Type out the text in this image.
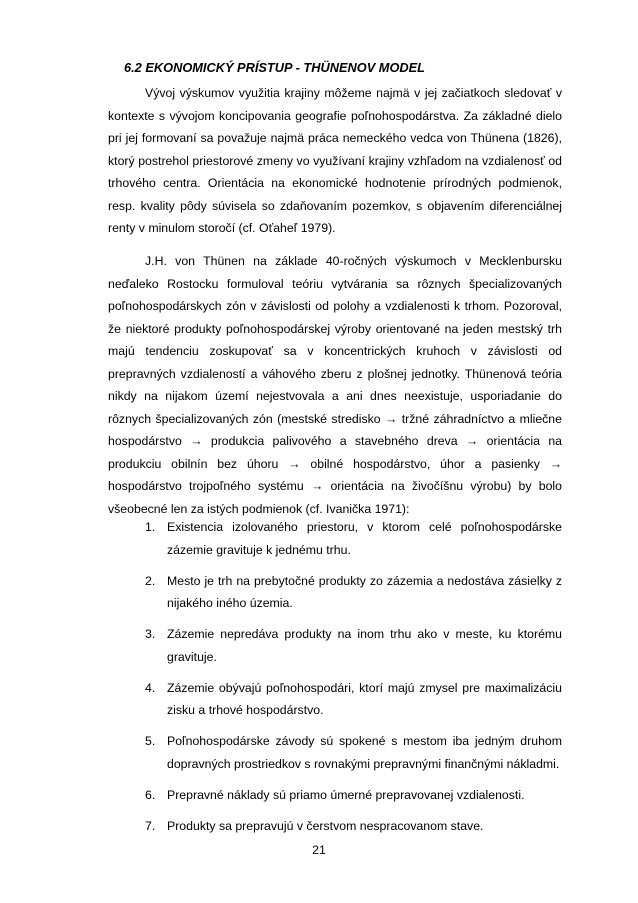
6.2 EKONOMICKÝ PRÍSTUP - THÜNENOV MODEL

Vývoj výskumov využitia krajiny môžeme najmä v jej začiatkoch sledovať v kontexte s vývojom koncipovania geografie poľnohospodárstva. Za základné dielo pri jej formovaní sa považuje najmä práca nemeckého vedca von Thünena (1826), ktorý postrehol priestorové zmeny vo využívaní krajiny vzhľadom na vzdialenosť od trhového centra. Orientácia na ekonomické hodnotenie prírodných podmienok, resp. kvality pôdy súvisela so zdaňovaním pozemkov, s objavením diferenciálnej renty v minulom storočí (cf. Oťaheľ 1979).

J.H. von Thünen na základe 40-ročných výskumoch v Mecklenbursku neďaleko Rostocku formuloval teóriu vytvárania sa rôznych špecializovaných poľnohospodárskych zón v závislosti od polohy a vzdialenosti k trhom. Pozoroval, že niektoré produkty poľnohospodárskej výroby orientované na jeden mestský trh majú tendenciu zoskupovať sa v koncentrických kruhoch v závislosti od prepravných vzdialeností a váhového zberu z plošnej jednotky. Thünenová teória nikdy na nijakom území nejestvovala a ani dnes neexistuje, usporiadanie do rôznych špecializovaných zón (mestské stredisko → tržné záhradníctvo a mliečne hospodárstvo → produkcia palivového a stavebného dreva → orientácia na produkciu obilnín bez úhoru → obilné hospodárstvo, úhor a pasienky → hospodárstvo trojpoľného systému → orientácia na živočíšnu výrobu) by bolo všeobecné len za istých podmienok (cf. Ivanička 1971):

1. Existencia izolovaného priestoru, v ktorom celé poľnohospodárske zázemie gravituje k jednému trhu.
2. Mesto je trh na prebytočné produkty zo zázemia a nedostáva zásielky z nijakého iného územia.
3. Zázemie nepredáva produkty na inom trhu ako v meste, ku ktorému gravituje.
4. Zázemie obývajú poľnohospodári, ktorí majú zmysel pre maximalizáciu zisku a trhové hospodárstvo.
5. Poľnohospodárske závody sú spokené s mestom iba jedným druhom dopravných prostriedkov s rovnakými prepravnými finančnými nákladmi.
6. Prepravné náklady sú priamo úmerné prepravovanej vzdialenosti.
7. Produkty sa prepravujú v čerstvom nespracovanom stave.
21
